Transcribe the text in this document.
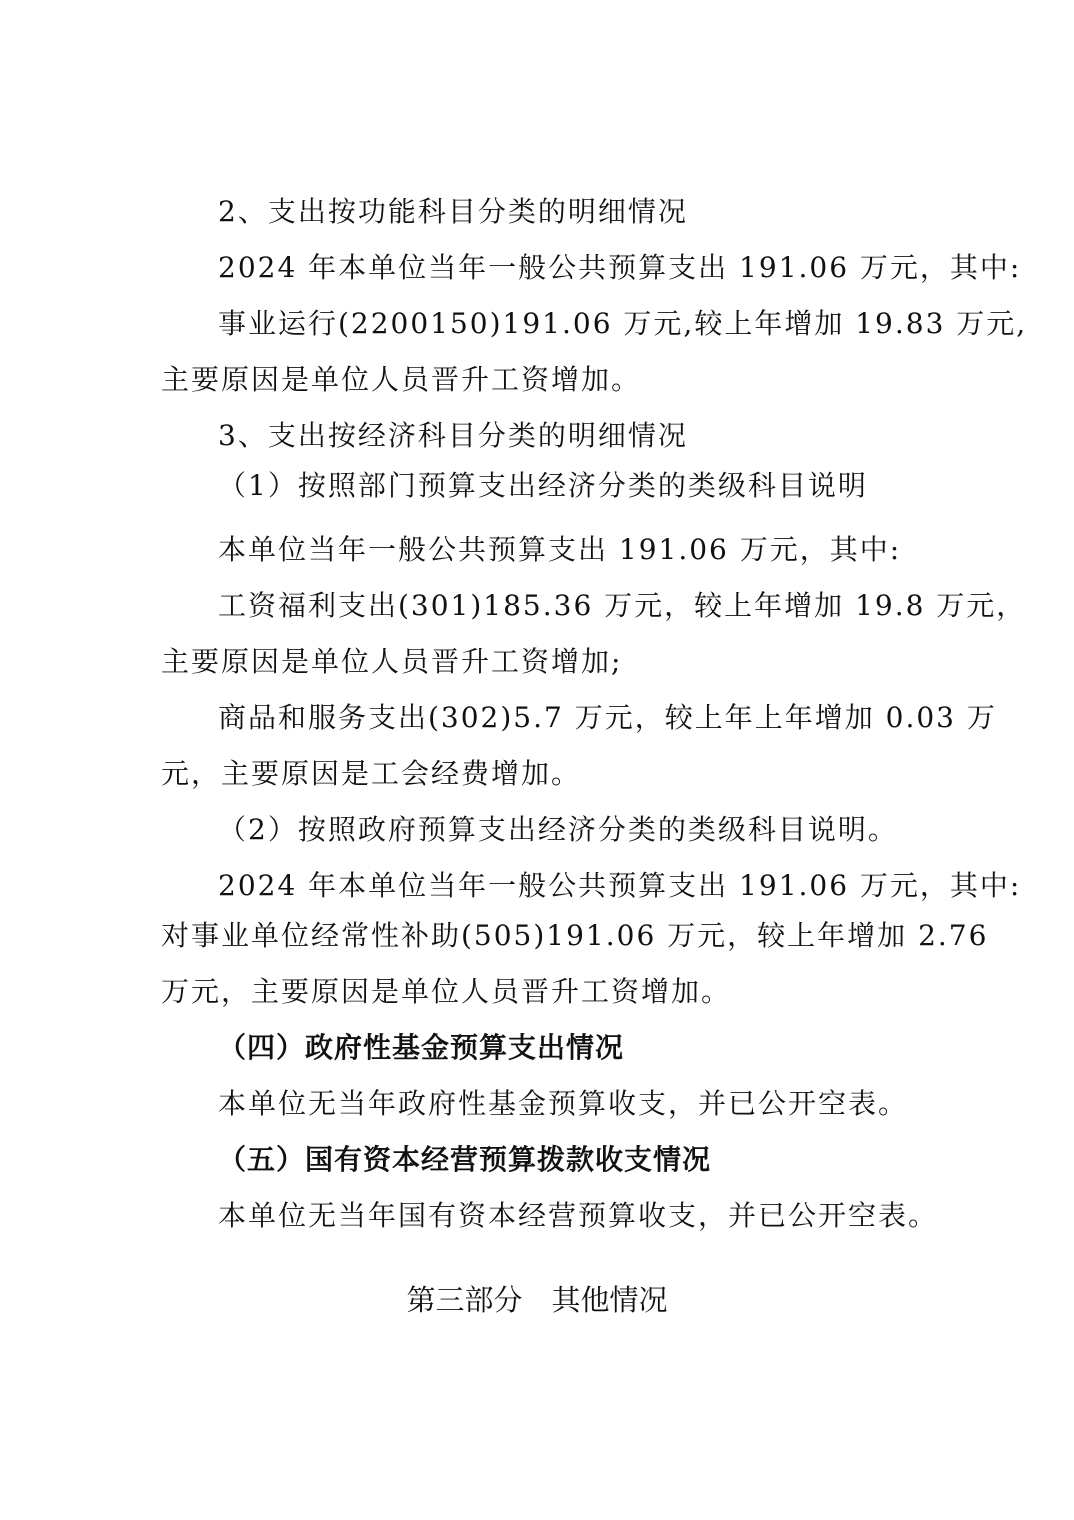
2、支出按功能科目分类的明细情况
2024 年本单位当年一般公共预算支出 191.06 万元，其中:
事业运行(2200150)191.06 万元,较上年增加 19.83 万元,
主要原因是单位人员晋升工资增加。
3、支出按经济科目分类的明细情况
（1）按照部门预算支出经济分类的类级科目说明
本单位当年一般公共预算支出 191.06 万元，其中:
工资福利支出(301)185.36 万元，较上年增加 19.8 万元，
主要原因是单位人员晋升工资增加;
商品和服务支出(302)5.7 万元，较上年上年增加 0.03 万
元，主要原因是工会经费增加。
（2）按照政府预算支出经济分类的类级科目说明。
2024 年本单位当年一般公共预算支出 191.06 万元，其中:
对事业单位经常性补助(505)191.06 万元，较上年增加 2.76
万元，主要原因是单位人员晋升工资增加。
（四）政府性基金预算支出情况
本单位无当年政府性基金预算收支，并已公开空表。
（五）国有资本经营预算拨款收支情况
本单位无当年国有资本经营预算收支，并已公开空表。
第三部分　其他情况
